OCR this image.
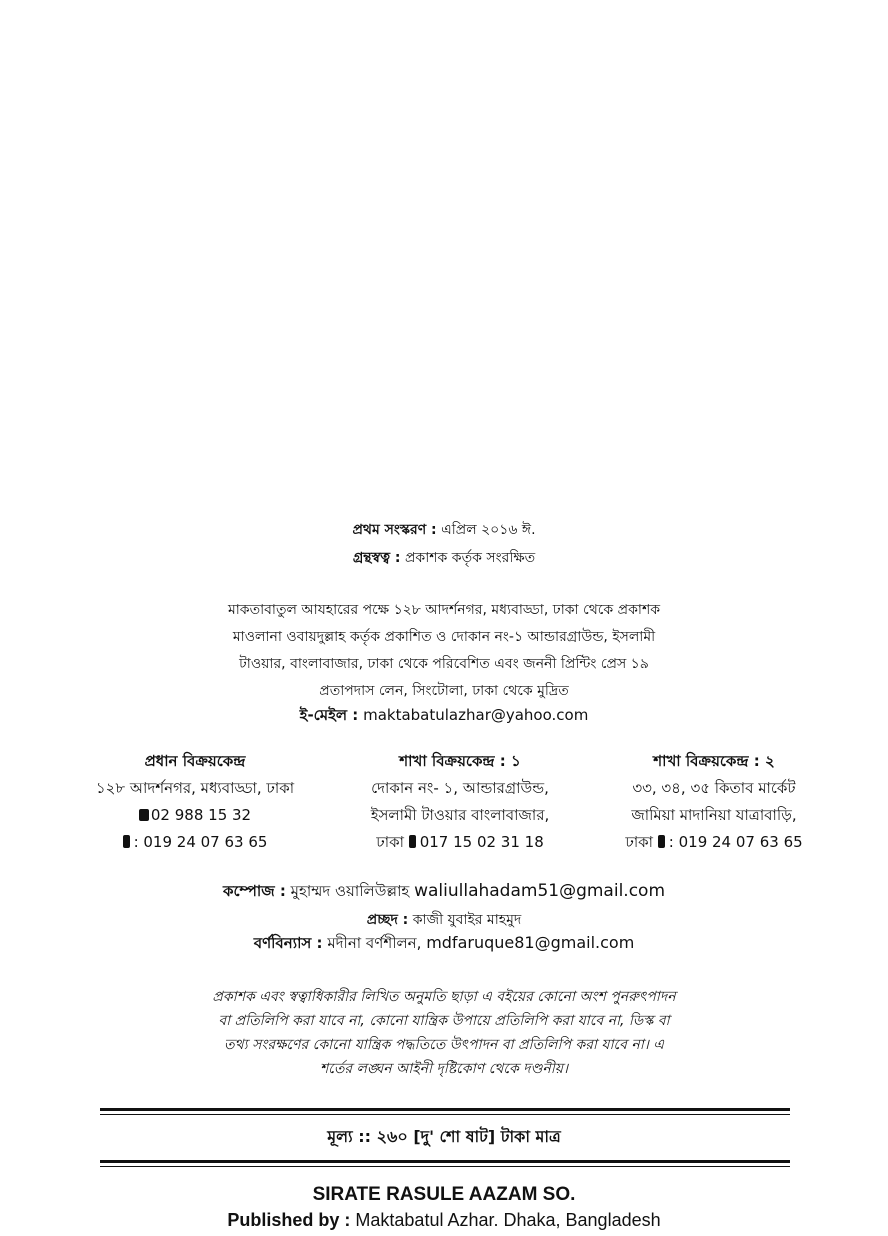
প্রথম সংস্করণ : এপ্রিল ২০১৬ ঈ.
গ্রন্থস্বত্ব : প্রকাশক কর্তৃক সংরক্ষিত
মাকতাবাতুল আযহারের পক্ষে ১২৮ আদর্শনগর, মধ্যবাড্ডা, ঢাকা থেকে প্রকাশক
মাওলানা ওবায়দুল্লাহ কর্তৃক প্রকাশিত ও দোকান নং-১ আন্ডারগ্রাউন্ড, ইসলামী
টাওয়ার, বাংলাবাজার, ঢাকা থেকে পরিবেশিত এবং জননী প্রিন্টিং প্রেস ১৯
প্রতাপদাস লেন, সিংটোলা, ঢাকা থেকে মুদ্রিত
ই-মেইল : maktabatulazhar@yahoo.com
প্রধান বিক্রয়কেন্দ্র
১২৮ আদর্শনগর, মধ্যবাড্ডা, ঢাকা
02 988 15 32
: 019 24 07 63 65
শাখা বিক্রয়কেন্দ্র : ১
দোকান নং- ১, আন্ডারগ্রাউন্ড,
ইসলামী টাওয়ার বাংলাবাজার,
ঢাকা 017 15 02 31 18
শাখা বিক্রয়কেন্দ্র : ২
৩৩, ৩৪, ৩৫ কিতাব মার্কেট
জামিয়া মাদানিয়া যাত্রাবাড়ি,
ঢাকা : 019 24 07 63 65
কম্পোজ : মুহাম্মদ ওয়ালিউল্লাহ waliullahadam51@gmail.com
প্রচ্ছদ : কাজী যুবাইর মাহমুদ
বর্ণবিন্যাস : মদীনা বর্ণশীলন, mdfaruque81@gmail.com
প্রকাশক এবং স্বত্বাধিকারীর লিখিত অনুমতি ছাড়া এ বইয়ের কোনো অংশ পুনরুৎপাদন
বা প্রতিলিপি করা যাবে না, কোনো যান্ত্রিক উপায়ে প্রতিলিপি করা যাবে না, ডিস্ক বা
তথ্য সংরক্ষণের কোনো যান্ত্রিক পদ্ধতিতে উৎপাদন বা প্রতিলিপি করা যাবে না। এ
শর্তের লঙ্ঘন আইনী দৃষ্টিকোণ থেকে দণ্ডনীয়।
মূল্য :: ২৬০ [দু' শো ষাট] টাকা মাত্র
SIRATE RASULE AAZAM SO.
Published by : Maktabatul Azhar. Dhaka, Bangladesh
